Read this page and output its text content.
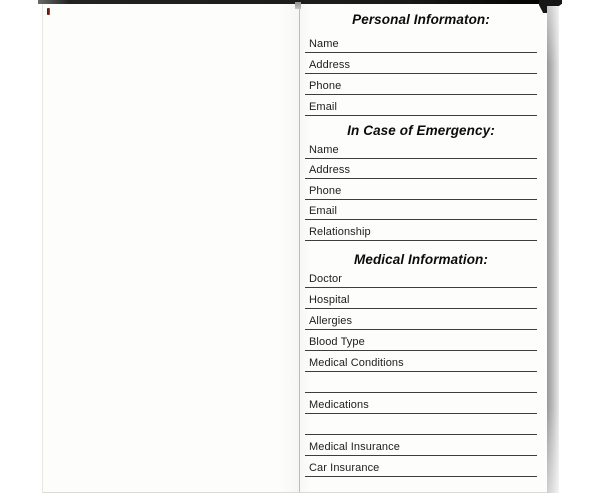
Personal Informaton:
Name
Address
Phone
Email
In Case of Emergency:
Name
Address
Phone
Email
Relationship
Medical Information:
Doctor
Hospital
Allergies
Blood Type
Medical Conditions
Medications
Medical Insurance
Car Insurance
